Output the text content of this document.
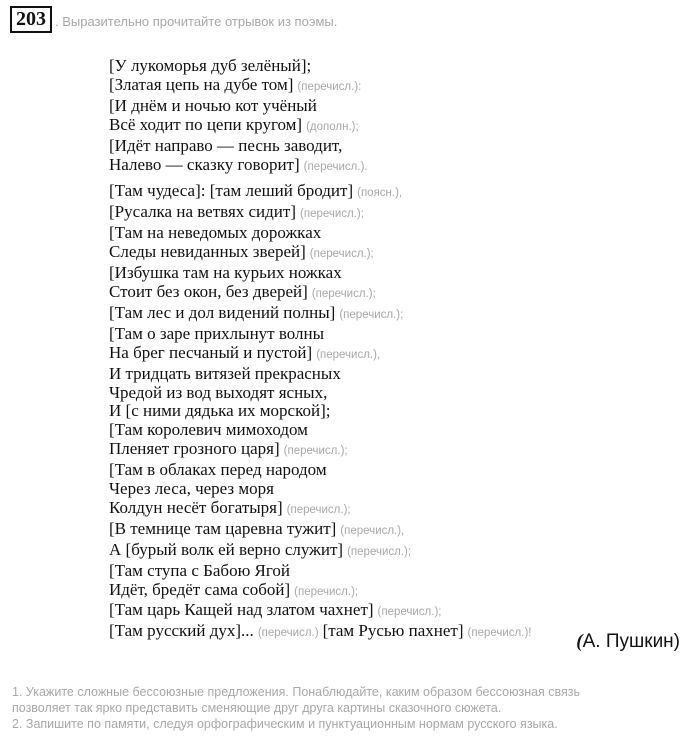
203 . Выразительно прочитайте отрывок из поэмы.
[У лукоморья дуб зелёный];
[Златая цепь на дубе том] (перечисл.):
[И днём и ночью кот учёный
Всё ходит по цепи кругом] (дополн.);
[Идёт направо — песнь заводит,
Налево — сказку говорит] (перечисл.).
[Там чудеса]: [там леший бродит] (поясн.),
[Русалка на ветвях сидит] (перечисл.);
[Там на неведомых дорожках
Следы невиданных зверей] (перечисл.);
[Избушка там на курьих ножках
Стоит без окон, без дверей] (перечисл.);
[Там лес и дол видений полны] (перечисл.);
[Там о заре прихлынут волны
На брег песчаный и пустой] (перечисл.),
И тридцать витязей прекрасных
Чредой из вод выходят ясных,
И [с ними дядька их морской];
[Там королевич мимоходом
Пленяет грозного царя] (перечисл.);
[Там в облаках перед народом
Через леса, через моря
Колдун несёт богатыря] (перечисл.);
[В темнице там царевна тужит] (перечисл.),
А [бурый волк ей верно служит] (перечисл.);
[Там ступа с Бабою Ягой
Идёт, бредёт сама собой] (перечисл.);
[Там царь Кащей над златом чахнет] (перечисл.);
[Там русский дух]... (перечисл.) [там Русью пахнет] (перечисл.)!	(А. Пушкин)
1. Укажите сложные бессоюзные предложения. Понаблюдайте, каким образом бессоюзная связь
позволяет так ярко представить сменяющие друг друга картины сказочного сюжета.
2. Запишите по памяти, следуя орфографическим и пунктуационным нормам русского языка.
